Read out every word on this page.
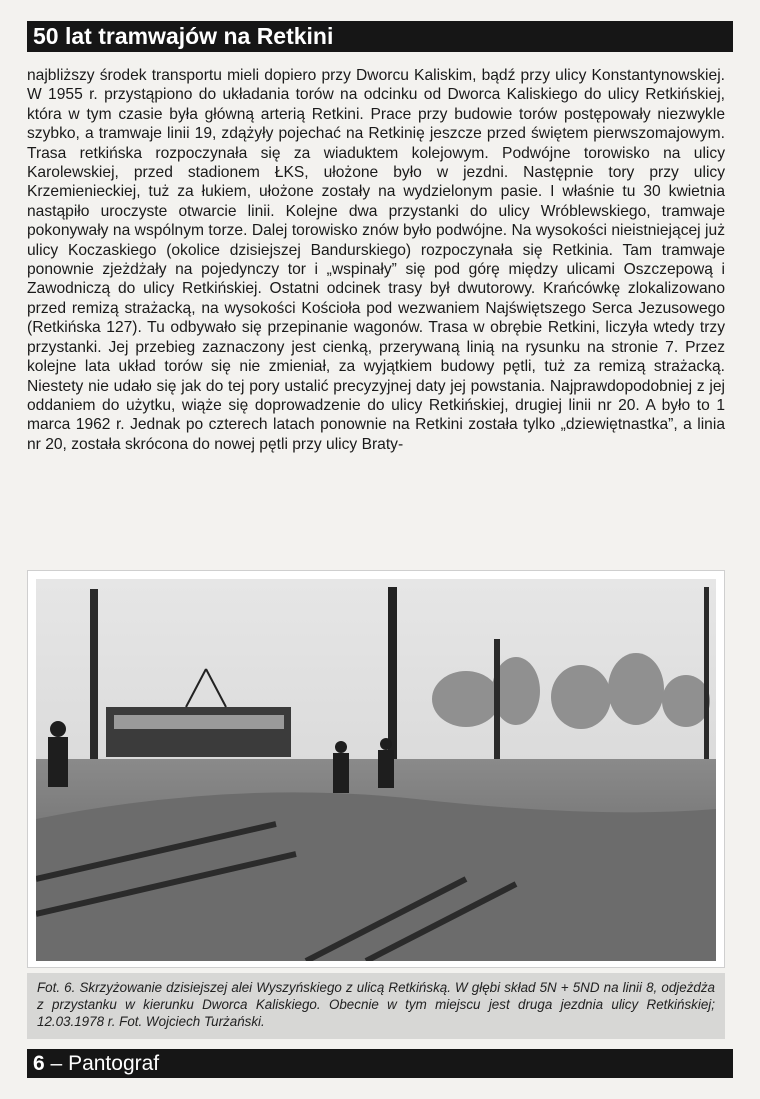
50 lat tramwajów na Retkini

najbliższy środek transportu mieli dopiero przy Dworcu Kaliskim, bądź przy ulicy Konstantynowskiej. W 1955 r. przystąpiono do układania torów na odcinku od Dworca Kaliskiego do ulicy Retkińskiej, która w tym czasie była główną arterią Retkini. Prace przy budowie torów postępowały niezwykle szybko, a tramwaje linii 19, zdążyły pojechać na Retkinię jeszcze przed świętem pierwszomajowym. Trasa retkińska rozpoczynała się za wiaduktem kolejowym. Podwójne torowisko na ulicy Karolewskiej, przed stadionem ŁKS, ułożone było w jezdni. Następnie tory przy ulicy Krzemienieckiej, tuż za łukiem, ułożone zostały na wydzielonym pasie. I właśnie tu 30 kwietnia nastąpiło uroczyste otwarcie linii. Kolejne dwa przystanki do ulicy Wróblewskiego, tramwaje pokonywały na wspólnym torze. Dalej torowisko znów było podwójne. Na wysokości nieistniejącej już ulicy Koczaskiego (okolice dzisiejszej Bandurskiego) rozpoczynała się Retkinia. Tam tramwaje ponownie zjeżdżały na pojedynczy tor i „wspinały” się pod górę między ulicami Oszczepową i Zawodniczą do ulicy Retkińskiej. Ostatni odcinek trasy był dwutorowy. Krańcówkę zlokalizowano przed remizą strażacką, na wysokości Kościoła pod wezwaniem Najświętszego Serca Jezusowego (Retkińska 127). Tu odbywało się przepinanie wagonów. Trasa w obrębie Retkini, liczyła wtedy trzy przystanki. Jej przebieg zaznaczony jest cienką, przerywaną linią na rysunku na stronie 7. Przez kolejne lata układ torów się nie zmieniał, za wyjątkiem budowy pętli, tuż za remizą strażacką. Niestety nie udało się jak do tej pory ustalić precyzyjnej daty jej powstania. Najprawdopodobniej z jej oddaniem do użytku, wiąże się doprowadzenie do ulicy Retkińskiej, drugiej linii nr 20. A było to 1 marca 1962 r. Jednak po czterech latach ponownie na Retkini została tylko „dziewiętnastka”, a linia nr 20, została skrócona do nowej pętli przy ulicy Braty-

Fot. 6. Skrzyżowanie dzisiejszej alei Wyszyńskiego z ulicą Retkińską. W głębi skład 5N + 5ND na linii 8, odjeżdża z przystanku w kierunku Dworca Kaliskiego. Obecnie w tym miejscu jest druga jezdnia ulicy Retkińskiej; 12.03.1978 r. Fot. Wojciech Turżański.
6 – Pantograf
